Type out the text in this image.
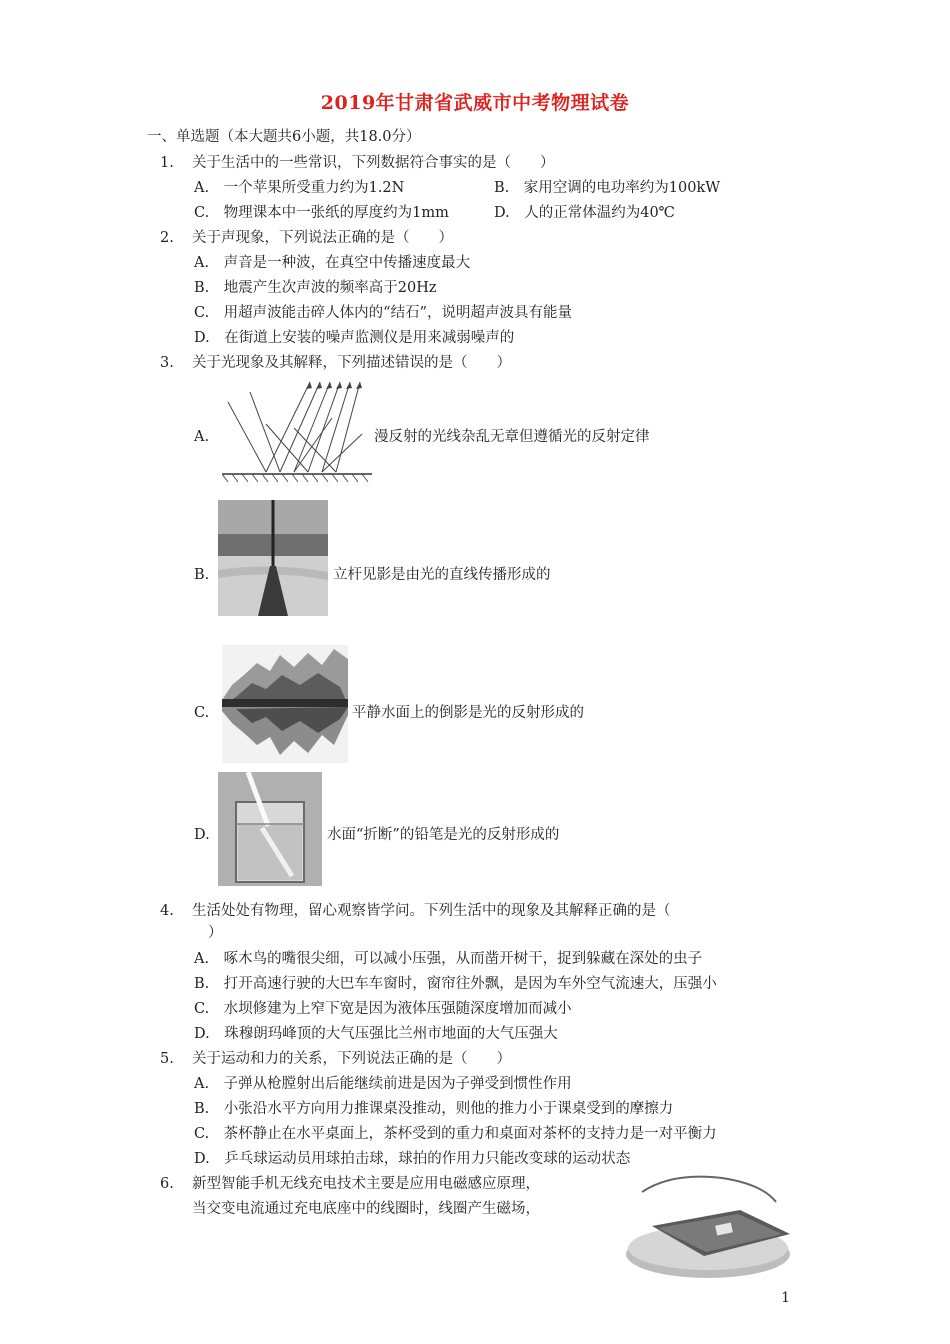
2019年甘肃省武威市中考物理试卷
一、单选题（本大题共6小题，共18.0分）
1. 关于生活中的一些常识，下列数据符合事实的是（　　）
A.　一个苹果所受重力约为1.2N	B.　家用空调的电功率约为100kW
C.　物理课本中一张纸的厚度约为1mm	D.　人的正常体温约为40℃
2. 关于声现象，下列说法正确的是（　　）
A.　声音是一种波，在真空中传播速度最大
B.　地震产生次声波的频率高于20Hz
C.　用超声波能击碎人体内的“结石”，说明超声波具有能量
D.　在街道上安装的噪声监测仪是用来减弱噪声的
3. 关于光现象及其解释，下列描述错误的是（　　）
A.	漫反射的光线杂乱无章但遵循光的反射定律
B.	立杆见影是由光的直线传播形成的
C.	平静水面上的倒影是光的反射形成的
D.	水面“折断”的铅笔是光的反射形成的
4. 生活处处有物理，留心观察皆学问。下列生活中的现象及其解释正确的是（
）
A.　啄木鸟的嘴很尖细，可以减小压强，从而凿开树干，捉到躲藏在深处的虫子
B.　打开高速行驶的大巴车车窗时，窗帘往外飘，是因为车外空气流速大，压强小
C.　水坝修建为上窄下宽是因为液体压强随深度增加而减小
D.　珠穆朗玛峰顶的大气压强比兰州市地面的大气压强大
5. 关于运动和力的关系，下列说法正确的是（　　）
A.　子弹从枪膛射出后能继续前进是因为子弹受到惯性作用
B.　小张沿水平方向用力推课桌没推动，则他的推力小于课桌受到的摩擦力
C.　茶杯静止在水平桌面上，茶杯受到的重力和桌面对茶杯的支持力是一对平衡力
D.　乒乓球运动员用球拍击球，球拍的作用力只能改变球的运动状态
6. 新型智能手机无线充电技术主要是应用电磁感应原理，
当交变电流通过充电底座中的线圈时，线圈产生磁场，
1
